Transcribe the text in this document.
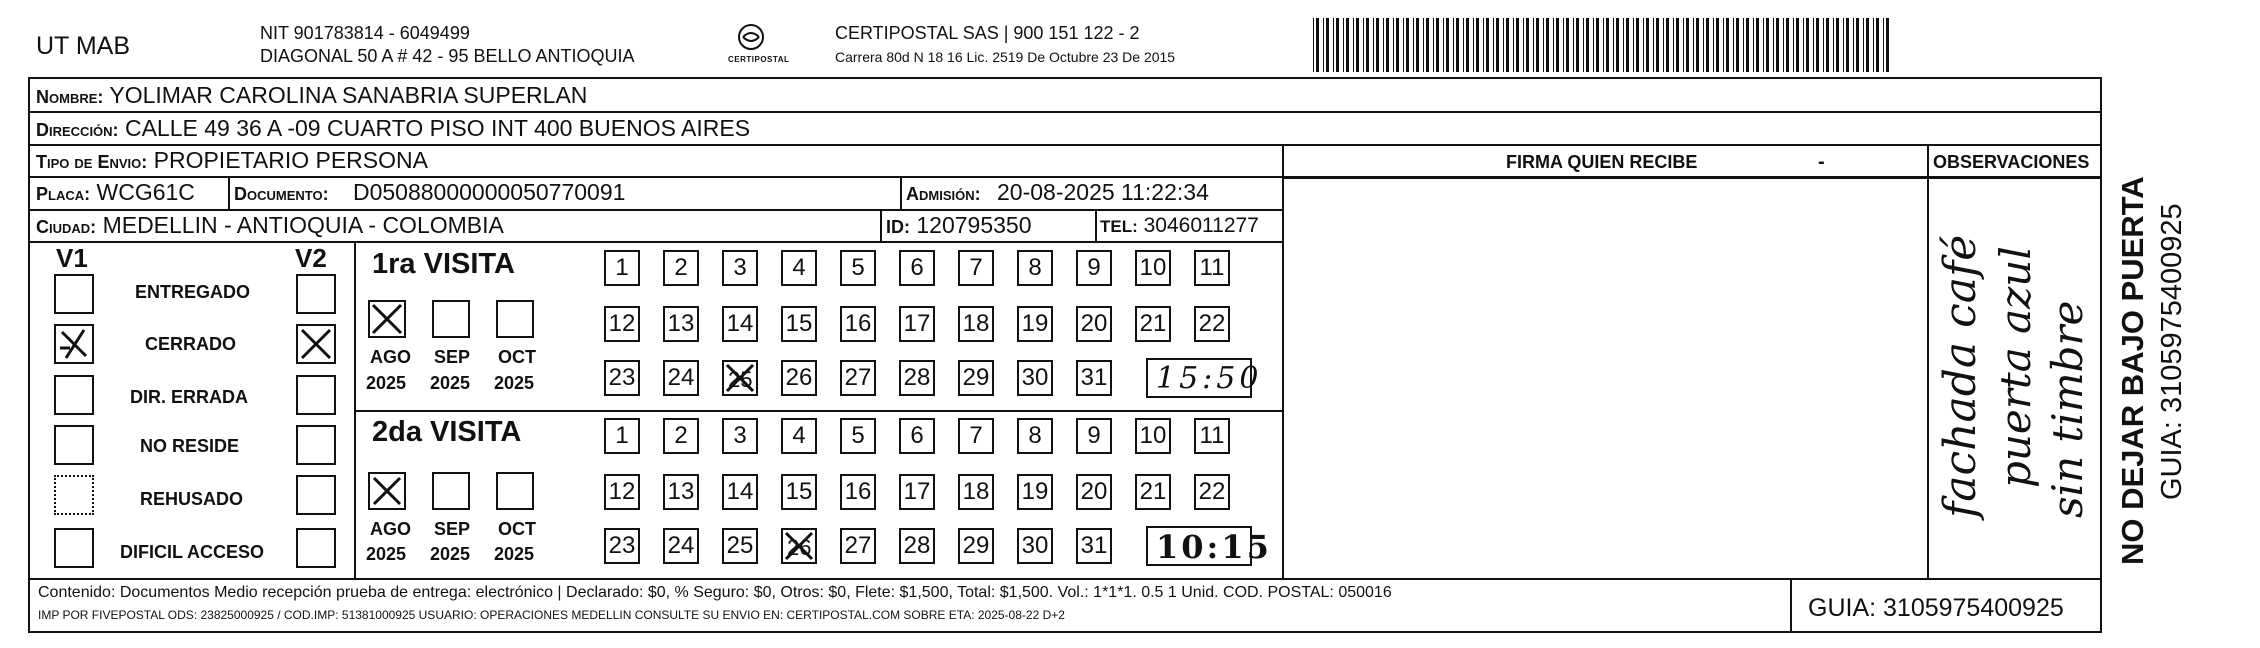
UT MAB	NIT 901783814 - 6049499
DIAGONAL 50 A # 42 - 95 BELLO ANTIOQUIA	CERTIPOSTAL
CERTIPOSTAL SAS | 900 151 122 - 2
Carrera 80d N 18 16 Lic. 2519 De Octubre 23 De 2015
Nombre: YOLIMAR CAROLINA SANABRIA SUPERLAN
Dirección: CALLE 49 36 A -09 CUARTO PISO INT 400 BUENOS AIRES
Tipo de Envio: PROPIETARIO PERSONA
Placa: WCG61C Documento: D05088000000050770091	Admisión: 20-08-2025 11:22:34
Ciudad: MEDELLIN - ANTIOQUIA - COLOMBIA	ID: 120795350	TEL: 3046011277
FIRMA QUIEN RECIBE	-	OBSERVACIONES
fachada café puerta azul sin timbre
V1	V2
ENTREGADO
CERRADO
DIR. ERRADA
NO RESIDE
REHUSADO
DIFICIL ACCESO
1ra VISITA
AGO SEP OCT
2025 2025 2025
1	2	3	4	5	6	7	8	9	10 11
12 13 14 15 16 17 18 19 20 21 22
23 24 25 26 27 28 29 30 31 15:50
2da VISITA
AGO SEP OCT
2025 2025 2025
1	2	3	4	5	6	7	8	9	10 11
12 13 14 15 16 17 18 19 20 21 22
23 24 25 26 27 28 29 30 31 10:15
Contenido: Documentos Medio recepción prueba de entrega: electrónico | Declarado: $0, % Seguro: $0, Otros: $0, Flete: $1,500, Total: $1,500. Vol.: 1*1*1. 0.5 1 Unid. COD. POSTAL: 050016
IMP POR FIVEPOSTAL ODS: 23825000925 / COD.IMP: 51381000925 USUARIO: OPERACIONES MEDELLIN CONSULTE SU ENVIO EN: CERTIPOSTAL.COM SOBRE ETA: 2025-08-22 D+2	GUIA: 3105975400925
NO DEJAR BAJO PUERTA GUIA: 3105975400925
